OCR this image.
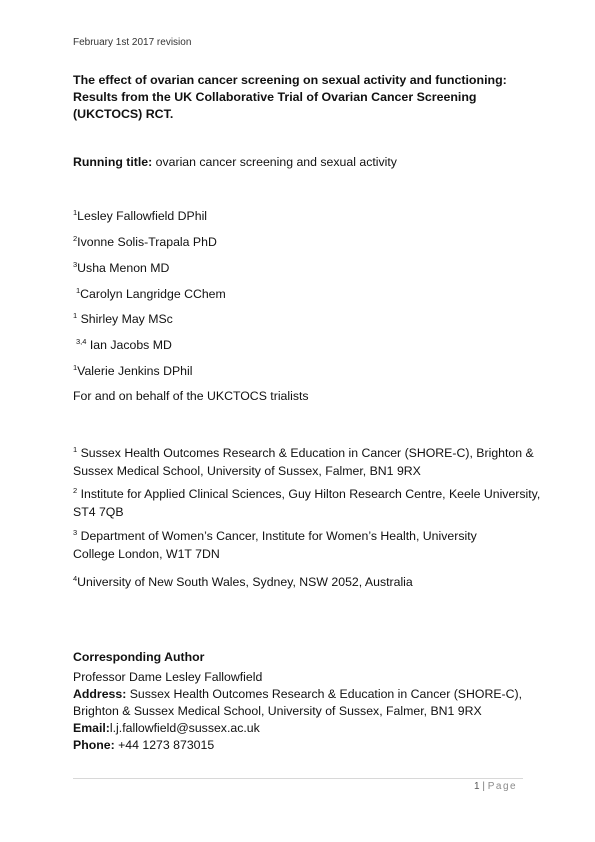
February 1st 2017 revision
The effect of ovarian cancer screening on sexual activity and functioning: Results from the UK Collaborative Trial of Ovarian Cancer Screening (UKCTOCS) RCT.
Running title: ovarian cancer screening and sexual activity
$^1$Lesley Fallowfield DPhil
$^2$Ivonne Solis-Trapala PhD
$^3$Usha Menon MD
$^1$Carolyn Langridge CChem
$^1$ Shirley May MSc
$^{3,4}$ Ian Jacobs MD
$^1$Valerie Jenkins DPhil
For and on behalf of the UKCTOCS trialists
$^1$ Sussex Health Outcomes Research & Education in Cancer (SHORE-C), Brighton & Sussex Medical School, University of Sussex, Falmer, BN1 9RX
$^2$ Institute for Applied Clinical Sciences, Guy Hilton Research Centre, Keele University, ST4 7QB
$^3$ Department of Women’s Cancer, Institute for Women’s Health, University College London, W1T 7DN
$^4$University of New South Wales, Sydney, NSW 2052, Australia
Corresponding Author
Professor Dame Lesley Fallowfield
Address: Sussex Health Outcomes Research & Education in Cancer (SHORE-C), Brighton & Sussex Medical School, University of Sussex, Falmer, BN1 9RX
Email:l.j.fallowfield@sussex.ac.uk
Phone: +44 1273 873015
1 | Page
